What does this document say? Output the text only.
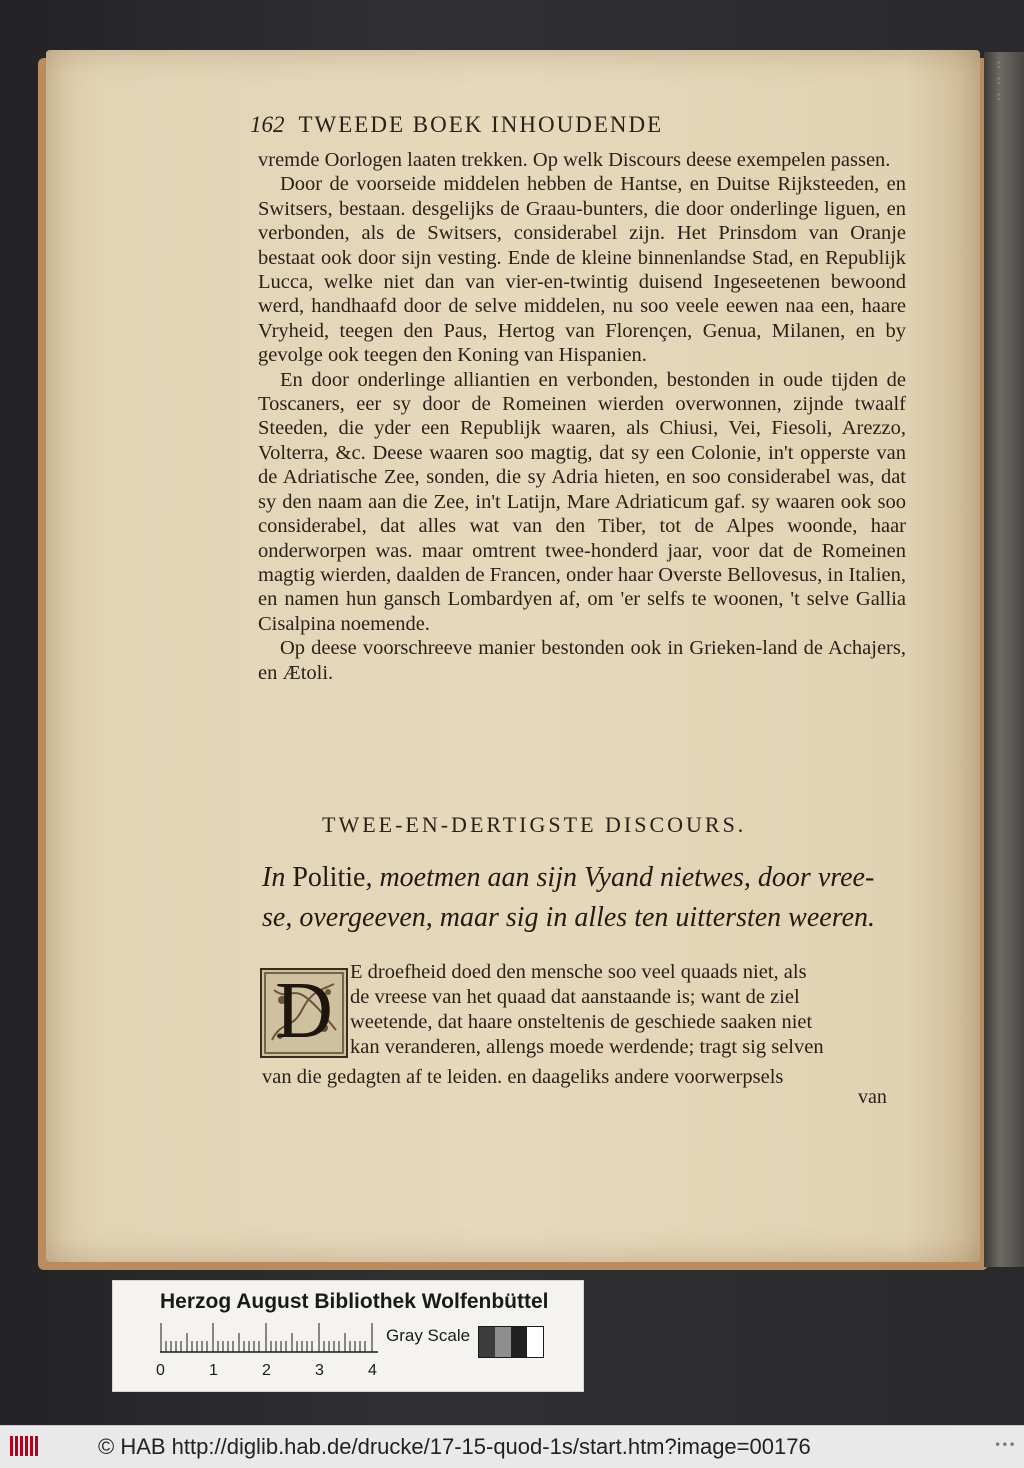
:
:
:
162 TWEEDE BOEK INHOUDENDE

vremde Oorlogen laaten trekken. Op welk Discours deese exempelen passen.

Door de voorseide middelen hebben de Hantse, en Duitse Rijksteeden, en Switsers, bestaan. desgelijks de Graau-bunters, die door onderlinge liguen, en verbonden, als de Switsers, considerabel zijn. Het Prinsdom van Oranje bestaat ook door sijn vesting. Ende de kleine binnenlandse Stad, en Republijk Lucca, welke niet dan van vier-en-twintig duisend Ingeseetenen bewoond werd, handhaafd door de selve middelen, nu soo veele eewen naa een, haare Vryheid, teegen den Paus, Hertog van Florençen, Genua, Milanen, en by gevolge ook teegen den Koning van Hispanien.

En door onderlinge alliantien en verbonden, bestonden in oude tijden de Toscaners, eer sy door de Romeinen wierden overwonnen, zijnde twaalf Steeden, die yder een Republijk waaren, als Chiusi, Vei, Fiesoli, Arezzo, Volterra, &c. Deese waaren soo magtig, dat sy een Colonie, in't opperste van de Adriatische Zee, sonden, die sy Adria hieten, en soo considerabel was, dat sy den naam aan die Zee, in't Latijn, Mare Adriaticum gaf. sy waaren ook soo considerabel, dat alles wat van den Tiber, tot de Alpes woonde, haar onderworpen was. maar omtrent twee-honderd jaar, voor dat de Romeinen magtig wierden, daalden de Francen, onder haar Overste Bellovesus, in Italien, en namen hun gansch Lombardyen af, om 'er selfs te woonen, 't selve Gallia Cisalpina noemende.

Op deese voorschreeve manier bestonden ook in Grieken-land de Achajers, en Ætoli.

TWEE-EN-DERTIGSTE DISCOURS.
In Politie, moetmen aan sijn Vyand nietwes, door vree-
se, overgeeven, maar sig in alles ten uittersten weeren.
D E droefheid doed den mensche soo veel quaads niet, als
de vreese van het quaad dat aanstaande is; want de ziel
weetende, dat haare onsteltenis de geschiede saaken niet
kan veranderen, allengs moede werdende; tragt sig selven
van die gedagten af te leiden. en daageliks andere voorwerpsels
van
Herzog August Bibliothek Wolfenbüttel
Gray Scale
0	1	2	3	4
© HAB http://diglib.hab.de/drucke/17-15-quod-1s/start.htm?image=00176	•••
